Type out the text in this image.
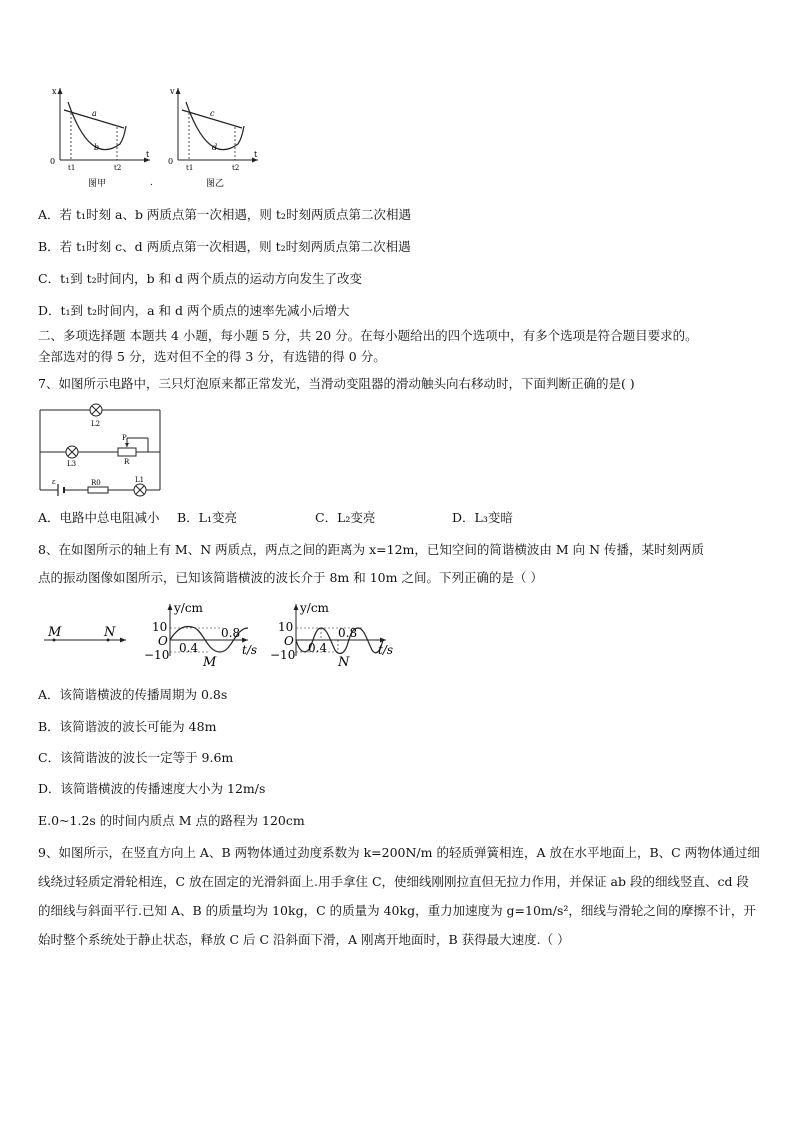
x
0
t
t1	t2
a
b
图甲	.
v
0
t
t1	t2
c
d
图乙
A．若 t₁时刻 a、b 两质点第一次相遇，则 t₂时刻两质点第二次相遇
B．若 t₁时刻 c、d 两质点第一次相遇，则 t₂时刻两质点第二次相遇
C．t₁到 t₂时间内，b 和 d 两个质点的运动方向发生了改变
D．t₁到 t₂时间内，a 和 d 两个质点的速率先减小后增大
二、多项选择题 本题共 4 小题，每小题 5 分，共 20 分。在每小题给出的四个选项中，有多个选项是符合题目要求的。
全部选对的得 5 分，选对但不全的得 3 分，有选错的得 0 分。
7、如图所示电路中，三只灯泡原来都正常发光，当滑动变阻器的滑动触头向右移动时，下面判断正确的是( )
L2
L3
P
R
L1
ε	R0
A．电路中总电阻减小 B．L₁变亮	C．L₂变亮	D．L₃变暗
8、在如图所示的轴上有 M、N 两质点，两点之间的距离为 x=12m，已知空间的简谐横波由 M 向 N 传播，某时刻两质
点的振动图像如图所示，已知该简谐横波的波长介于 8m 和 10m 之间。下列正确的是（ ）
M	N
y/cm
10
O
−10 0.4
0.8
t/s
M
y/cm
10
O
−10 0.4
0.8
t/s
N
A．该简谐横波的传播周期为 0.8s
B．该简谐波的波长可能为 48m
C．该简谐波的波长一定等于 9.6m
D．该简谐横波的传播速度大小为 12m/s
E.0~1.2s 的时间内质点 M 点的路程为 120cm
9、如图所示，在竖直方向上 A、B 两物体通过劲度系数为 k=200N/m 的轻质弹簧相连，A 放在水平地面上，B、C 两物体通过细线绕过轻质定滑轮相连，C 放在固定的光滑斜面上.用手拿住 C，使细线刚刚拉直但无拉力作用，并保证 ab 段的细线竖直、cd 段的细线与斜面平行.已知 A、B 的质量均为 10kg，C 的质量为 40kg，重力加速度为 g=10m/s²，细线与滑轮之间的摩擦不计，开始时整个系统处于静止状态，释放 C 后 C 沿斜面下滑，A 刚离开地面时，B 获得最大速度.（ ）
